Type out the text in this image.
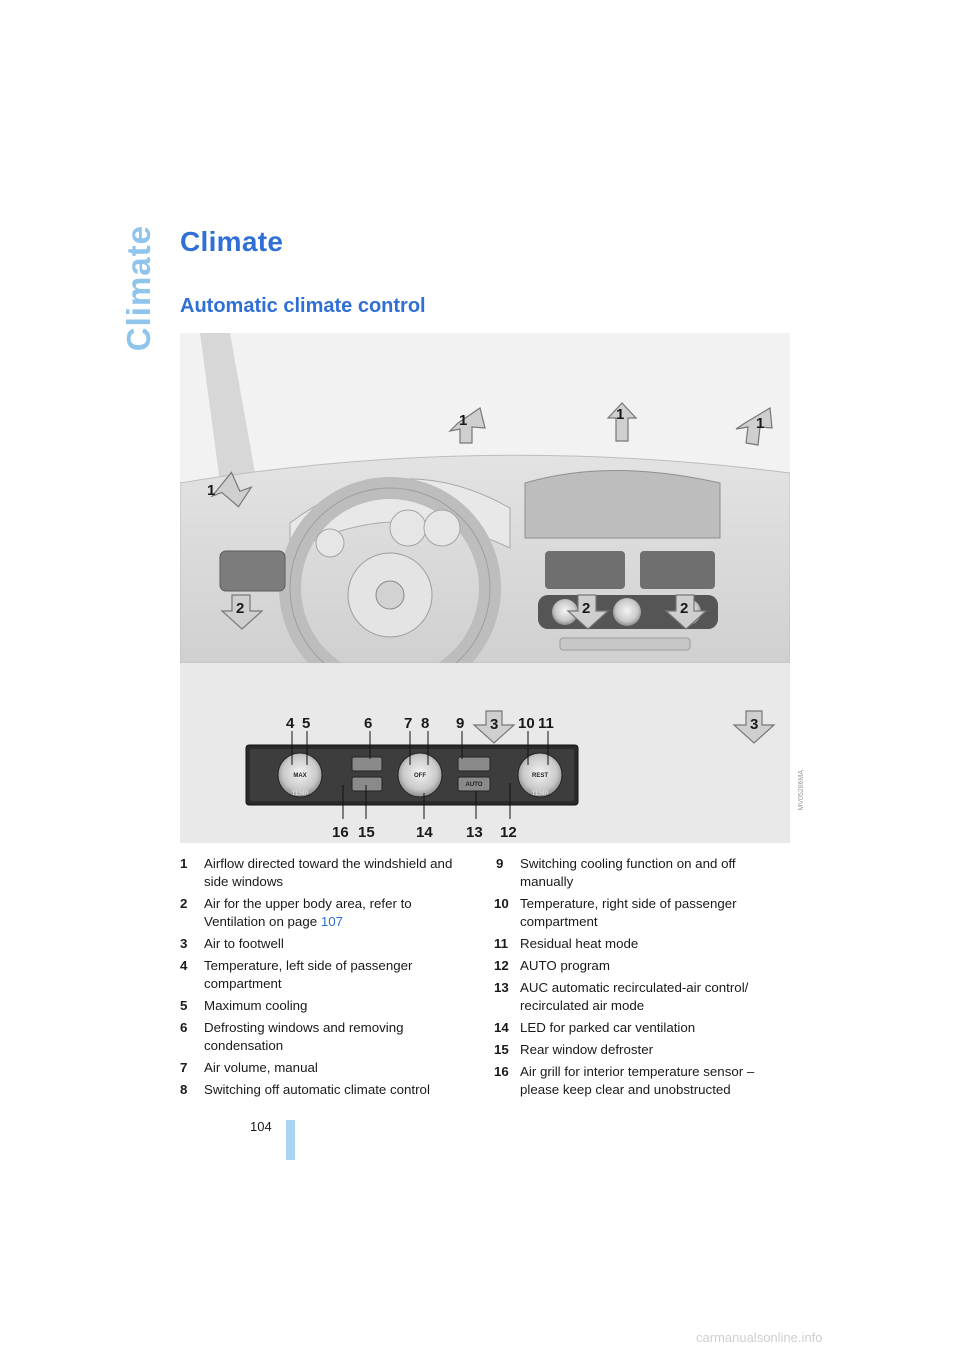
Climate Climate
Automatic climate control
1
1	1
1
2	2	2
3	3
MAX
TEMP
OFF
AUTO
REST
TEMP
4 5	6 7 8 9	10 11
16 15	14 13 12
MV05286MA
1 Airflow directed toward the windshield and side windows
2 Air for the upper body area, refer to Ventilation on page 107
3 Air to footwell
4 Temperature, left side of passenger compartment
5 Maximum cooling
6 Defrosting windows and removing condensation
7 Air volume, manual
8 Switching off automatic climate control
9 Switching cooling function on and off manually
10 Temperature, right side of passenger compartment
11 Residual heat mode
12 AUTO program
13 AUC automatic recirculated-air control/ recirculated air mode
14 LED for parked car ventilation
15 Rear window defroster
16 Air grill for interior temperature sensor – please keep clear and unobstructed
104
carmanualsonline.info
